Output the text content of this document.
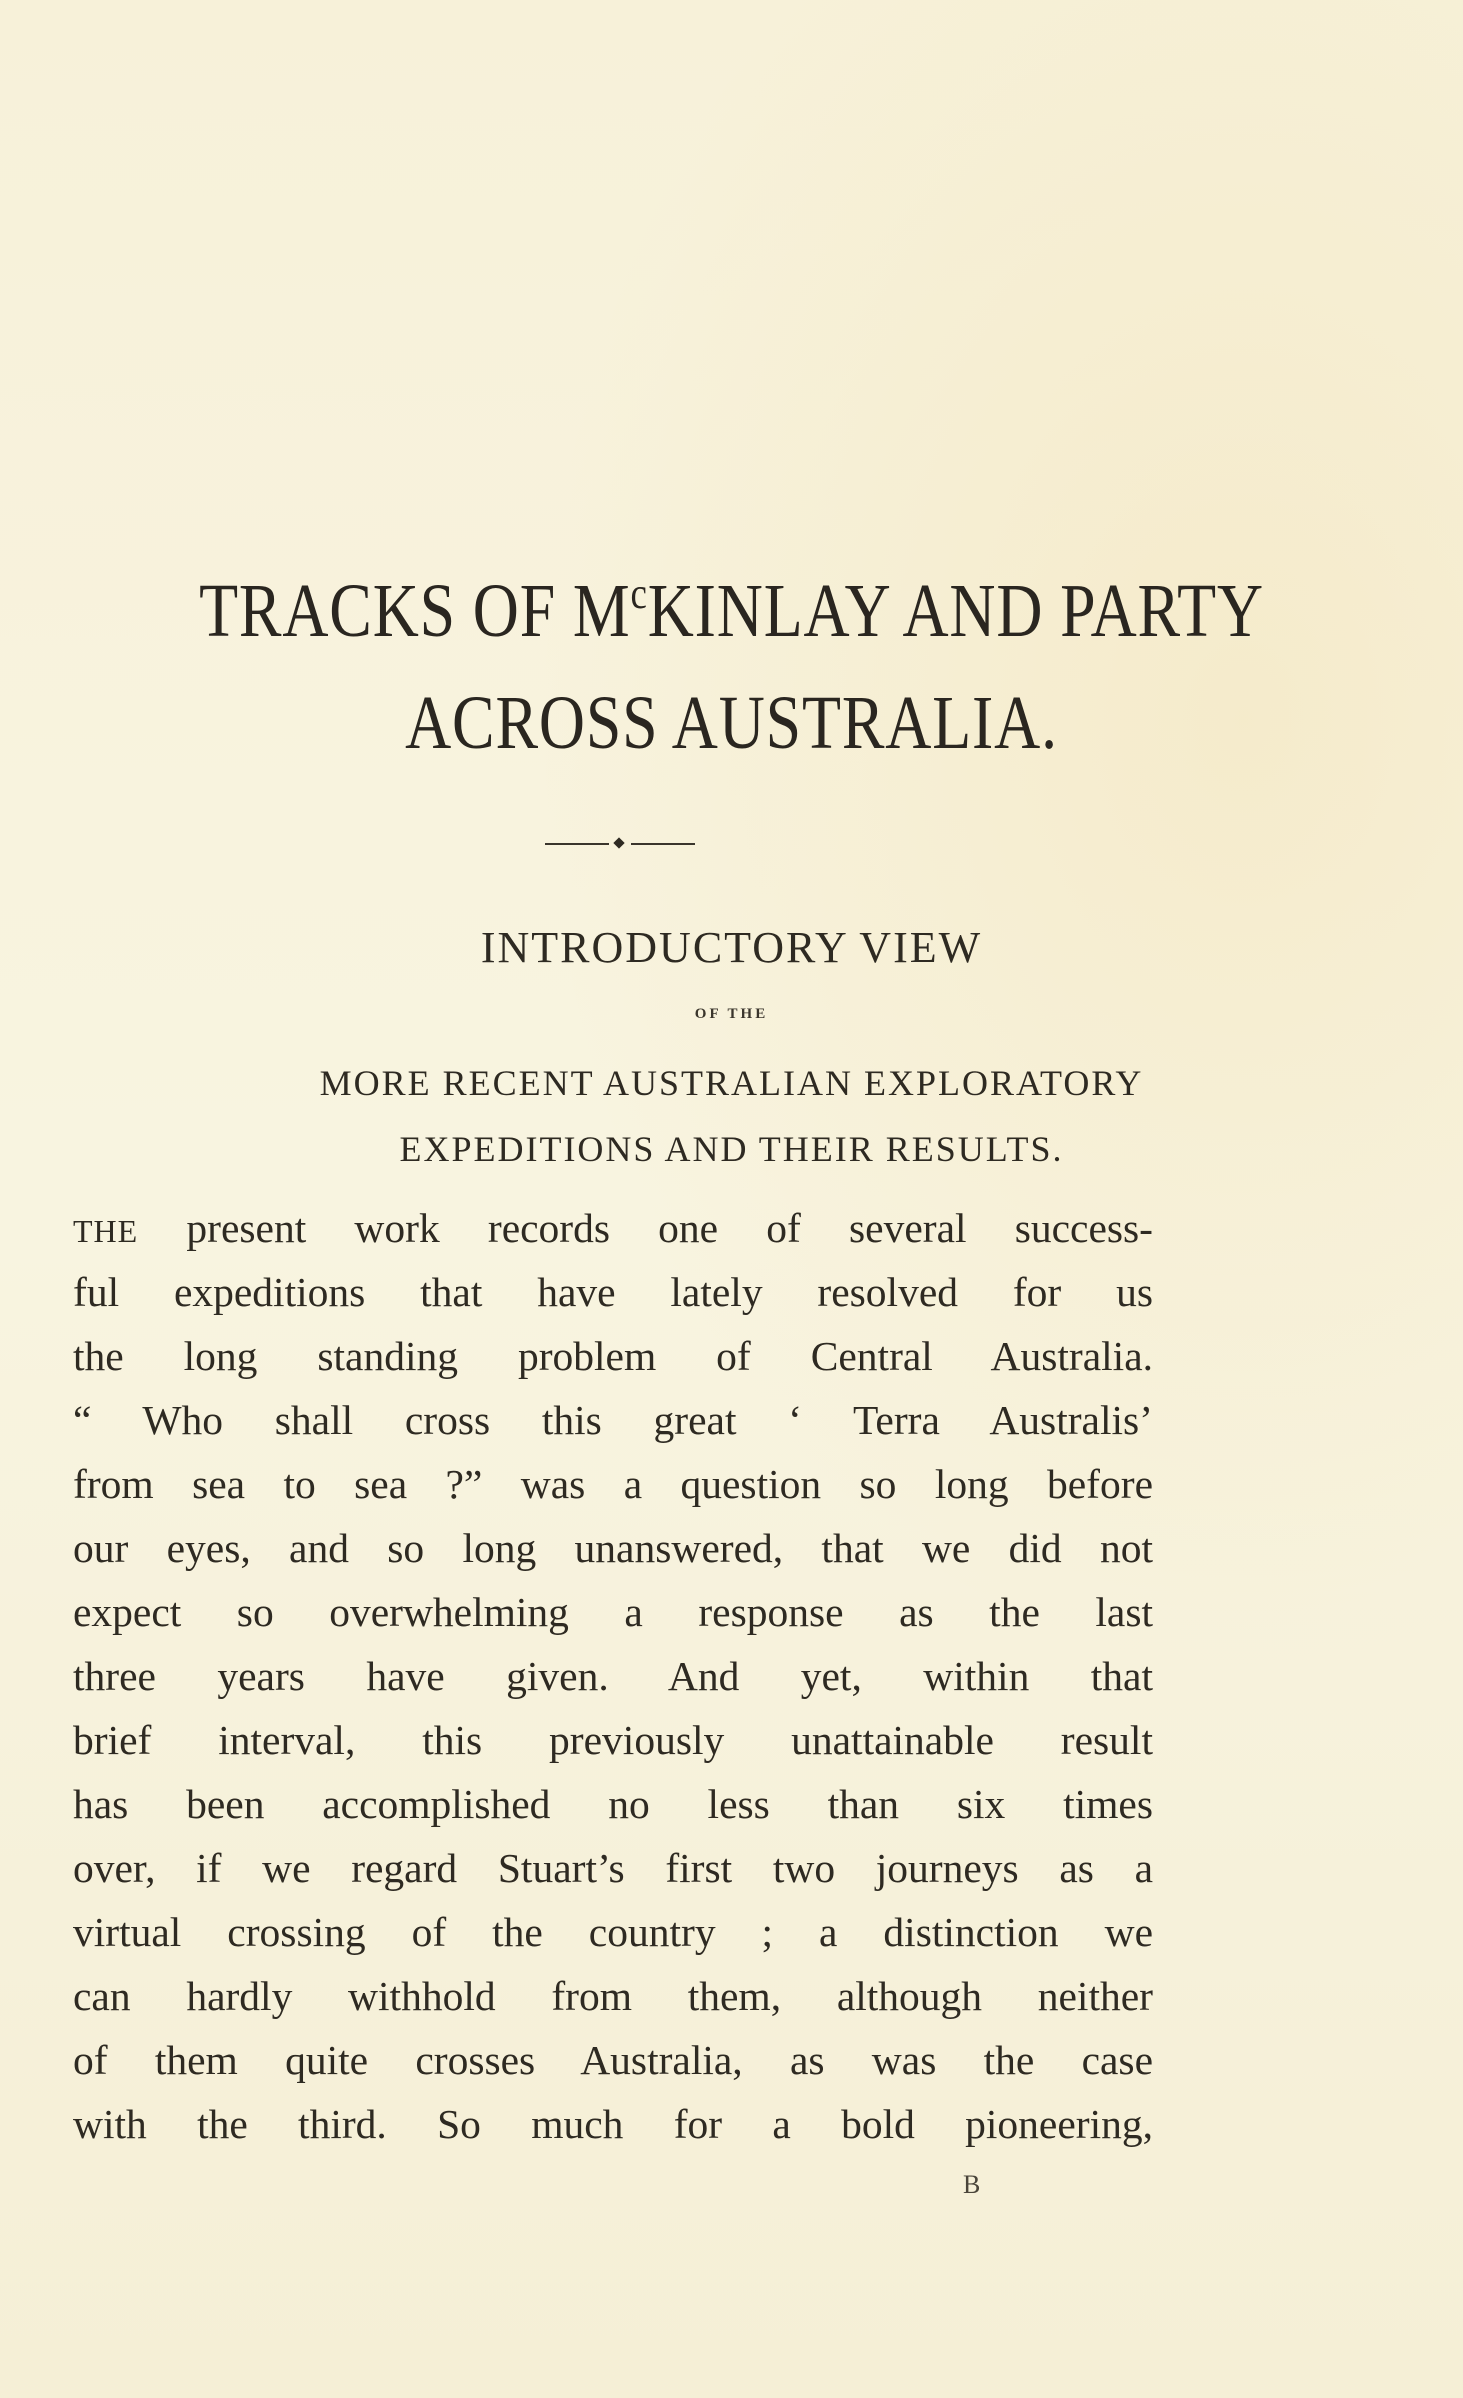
TRACKS OF $M^cKINLAY$ AND PARTY
ACROSS AUSTRALIA.
INTRODUCTORY VIEW
OF THE
MORE RECENT AUSTRALIAN EXPLORATORY
EXPEDITIONS AND THEIR RESULTS.
THE present work records one of several success-
ful expeditions that have lately resolved for us
the long standing problem of Central Australia.
“ Who shall cross this great ‘ Terra Australis’
from sea to sea ?” was a question so long before
our eyes, and so long unanswered, that we did not
expect so overwhelming a response as the last
three years have given. And yet, within that
brief interval, this previously unattainable result
has been accomplished no less than six times
over, if we regard Stuart’s first two journeys as a
virtual crossing of the country ; a distinction we
can hardly withhold from them, although neither
of them quite crosses Australia, as was the case
with the third. So much for a bold pioneering,
B
